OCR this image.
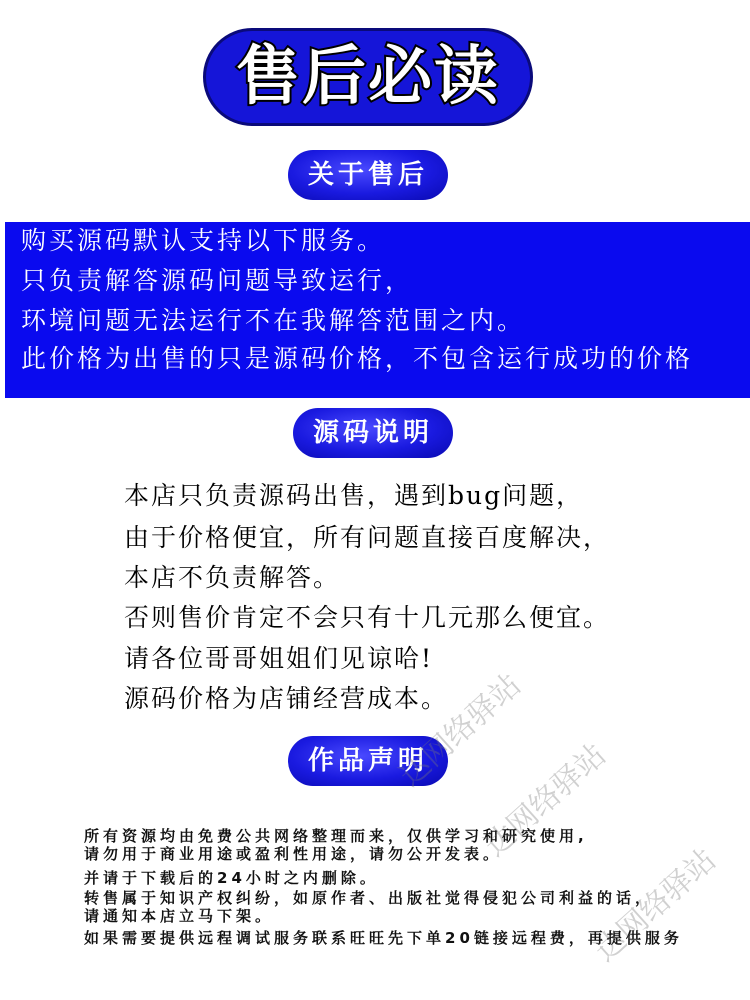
售后必读
关于售后
购买源码默认支持以下服务。
只负责解答源码问题导致运行，
环境问题无法运行不在我解答范围之内。
此价格为出售的只是源码价格，不包含运行成功的价格
源码说明
本店只负责源码出售，遇到bug问题，
由于价格便宜，所有问题直接百度解决，
本店不负责解答。
否则售价肯定不会只有十几元那么便宜。
请各位哥哥姐姐们见谅哈!
源码价格为店铺经营成本。
作品声明
所有资源均由免费公共网络整理而来，仅供学习和研究使用,
请勿用于商业用途或盈利性用途，请勿公开发表。
并请于下载后的24小时之内删除。
转售属于知识产权纠纷，如原作者、出版社觉得侵犯公司利益的话，
请通知本店立马下架。
如果需要提供远程调试服务联系旺旺先下单20链接远程费，再提供服务
达网络驿站
达网络驿站
达网络驿站
